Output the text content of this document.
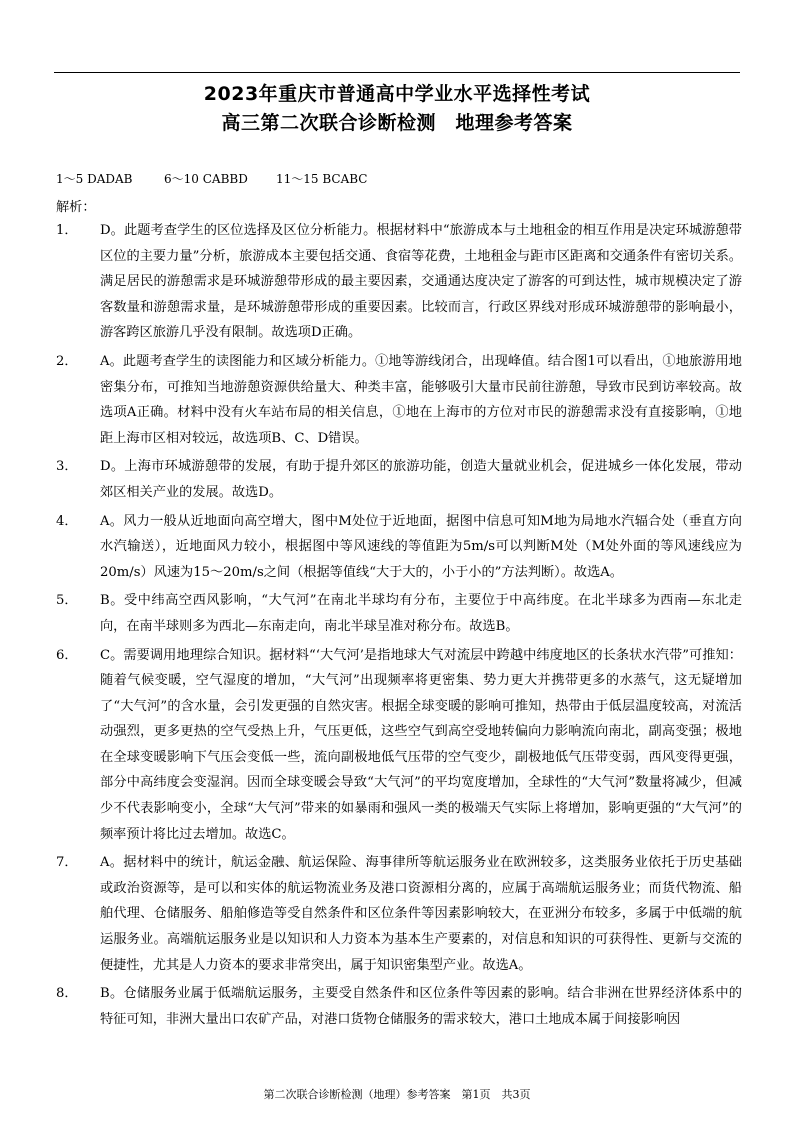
2023年重庆市普通高中学业水平选择性考试
高三第二次联合诊断检测　地理参考答案
1～5 DADAB	6～10 CABBD	11～15 BCABC
解析：
1．	D。此题考查学生的区位选择及区位分析能力。根据材料中“旅游成本与土地租金的相互作用是决定环城游憩带区位的主要力量”分析，旅游成本主要包括交通、食宿等花费，土地租金与距市区距离和交通条件有密切关系。满足居民的游憩需求是环城游憩带形成的最主要因素，交通通达度决定了游客的可到达性，城市规模决定了游客数量和游憩需求量，是环城游憩带形成的重要因素。比较而言，行政区界线对形成环城游憩带的影响最小，游客跨区旅游几乎没有限制。故选项D正确。
2．	A。此题考查学生的读图能力和区域分析能力。①地等游线闭合，出现峰值。结合图1可以看出，①地旅游用地密集分布，可推知当地游憩资源供给量大、种类丰富，能够吸引大量市民前往游憩，导致市民到访率较高。故选项A正确。材料中没有火车站布局的相关信息，①地在上海市的方位对市民的游憩需求没有直接影响，①地距上海市区相对较远，故选项B、C、D错误。
3．	D。上海市环城游憩带的发展，有助于提升郊区的旅游功能，创造大量就业机会，促进城乡一体化发展，带动郊区相关产业的发展。故选D。
4．	A。风力一般从近地面向高空增大，图中M处位于近地面，据图中信息可知M地为局地水汽辐合处（垂直方向水汽输送），近地面风力较小，根据图中等风速线的等值距为5m/s可以判断M处（M处外面的等风速线应为20m/s）风速为15～20m/s之间（根据等值线“大于大的，小于小的”方法判断）。故选A。
5．	B。受中纬高空西风影响，“大气河”在南北半球均有分布，主要位于中高纬度。在北半球多为西南—东北走向，在南半球则多为西北—东南走向，南北半球呈准对称分布。故选B。
6．	C。需要调用地理综合知识。据材料“‘大气河’是指地球大气对流层中跨越中纬度地区的长条状水汽带”可推知：随着气候变暖，空气湿度的增加，“大气河”出现频率将更密集、势力更大并携带更多的水蒸气，这无疑增加了“大气河”的含水量，会引发更强的自然灾害。根据全球变暖的影响可推知，热带由于低层温度较高，对流活动强烈，更多更热的空气受热上升，气压更低，这些空气到高空受地转偏向力影响流向南北，副高变强；极地在全球变暖影响下气压会变低一些，流向副极地低气压带的空气变少，副极地低气压带变弱，西风变得更强，部分中高纬度会变湿润。因而全球变暖会导致“大气河”的平均宽度增加，全球性的“大气河”数量将减少，但减少不代表影响变小，全球“大气河”带来的如暴雨和强风一类的极端天气实际上将增加，影响更强的“大气河”的频率预计将比过去增加。故选C。
7．	A。据材料中的统计，航运金融、航运保险、海事律所等航运服务业在欧洲较多，这类服务业依托于历史基础或政治资源等，是可以和实体的航运物流业务及港口资源相分离的，应属于高端航运服务业；而货代物流、船舶代理、仓储服务、船舶修造等受自然条件和区位条件等因素影响较大，在亚洲分布较多，多属于中低端的航运服务业。高端航运服务业是以知识和人力资本为基本生产要素的，对信息和知识的可获得性、更新与交流的便捷性，尤其是人力资本的要求非常突出，属于知识密集型产业。故选A。
8．	B。仓储服务业属于低端航运服务，主要受自然条件和区位条件等因素的影响。结合非洲在世界经济体系中的特征可知，非洲大量出口农矿产品，对港口货物仓储服务的需求较大，港口土地成本属于间接影响因
第二次联合诊断检测（地理）参考答案　第1页　共3页
